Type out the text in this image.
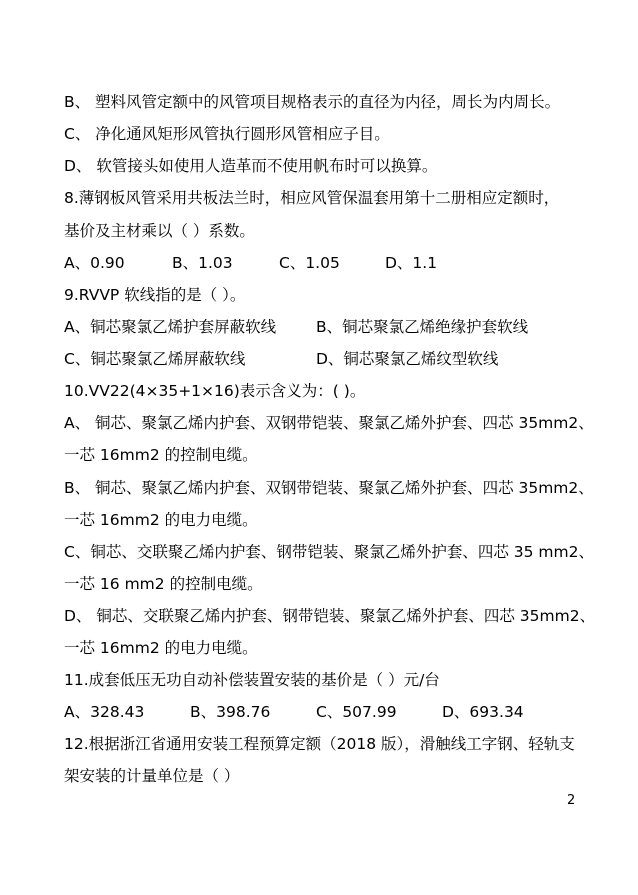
B、 塑料风管定额中的风管项目规格表示的直径为内径，周长为内周长。
C、 净化通风矩形风管执行圆形风管相应子目。
D、 软管接头如使用人造革而不使用帆布时可以换算。
8.薄钢板风管采用共板法兰时，相应风管保温套用第十二册相应定额时，
基价及主材乘以（ ）系数。
A、0.90	B、1.03	C、1.05	D、1.1
9.RVVP 软线指的是（ ）。
A、铜芯聚氯乙烯护套屏蔽软线	B、铜芯聚氯乙烯绝缘护套软线
C、铜芯聚氯乙烯屏蔽软线	D、铜芯聚氯乙烯纹型软线
10.VV22(4×35+1×16)表示含义为：( )。
A、 铜芯、聚氯乙烯内护套、双钢带铠装、聚氯乙烯外护套、四芯 35mm2、
一芯 16mm2 的控制电缆。
B、 铜芯、聚氯乙烯内护套、双钢带铠装、聚氯乙烯外护套、四芯 35mm2、
一芯 16mm2 的电力电缆。
C、铜芯、交联聚乙烯内护套、钢带铠装、聚氯乙烯外护套、四芯 35 mm2、
一芯 16 mm2 的控制电缆。
D、 铜芯、交联聚乙烯内护套、钢带铠装、聚氯乙烯外护套、四芯 35mm2、
一芯 16mm2 的电力电缆。
11.成套低压无功自动补偿装置安装的基价是（ ）元/台
A、328.43	B、398.76	C、507.99	D、693.34
12.根据浙江省通用安装工程预算定额（2018 版），滑触线工字钢、轻轨支
架安装的计量单位是（ ）
2
